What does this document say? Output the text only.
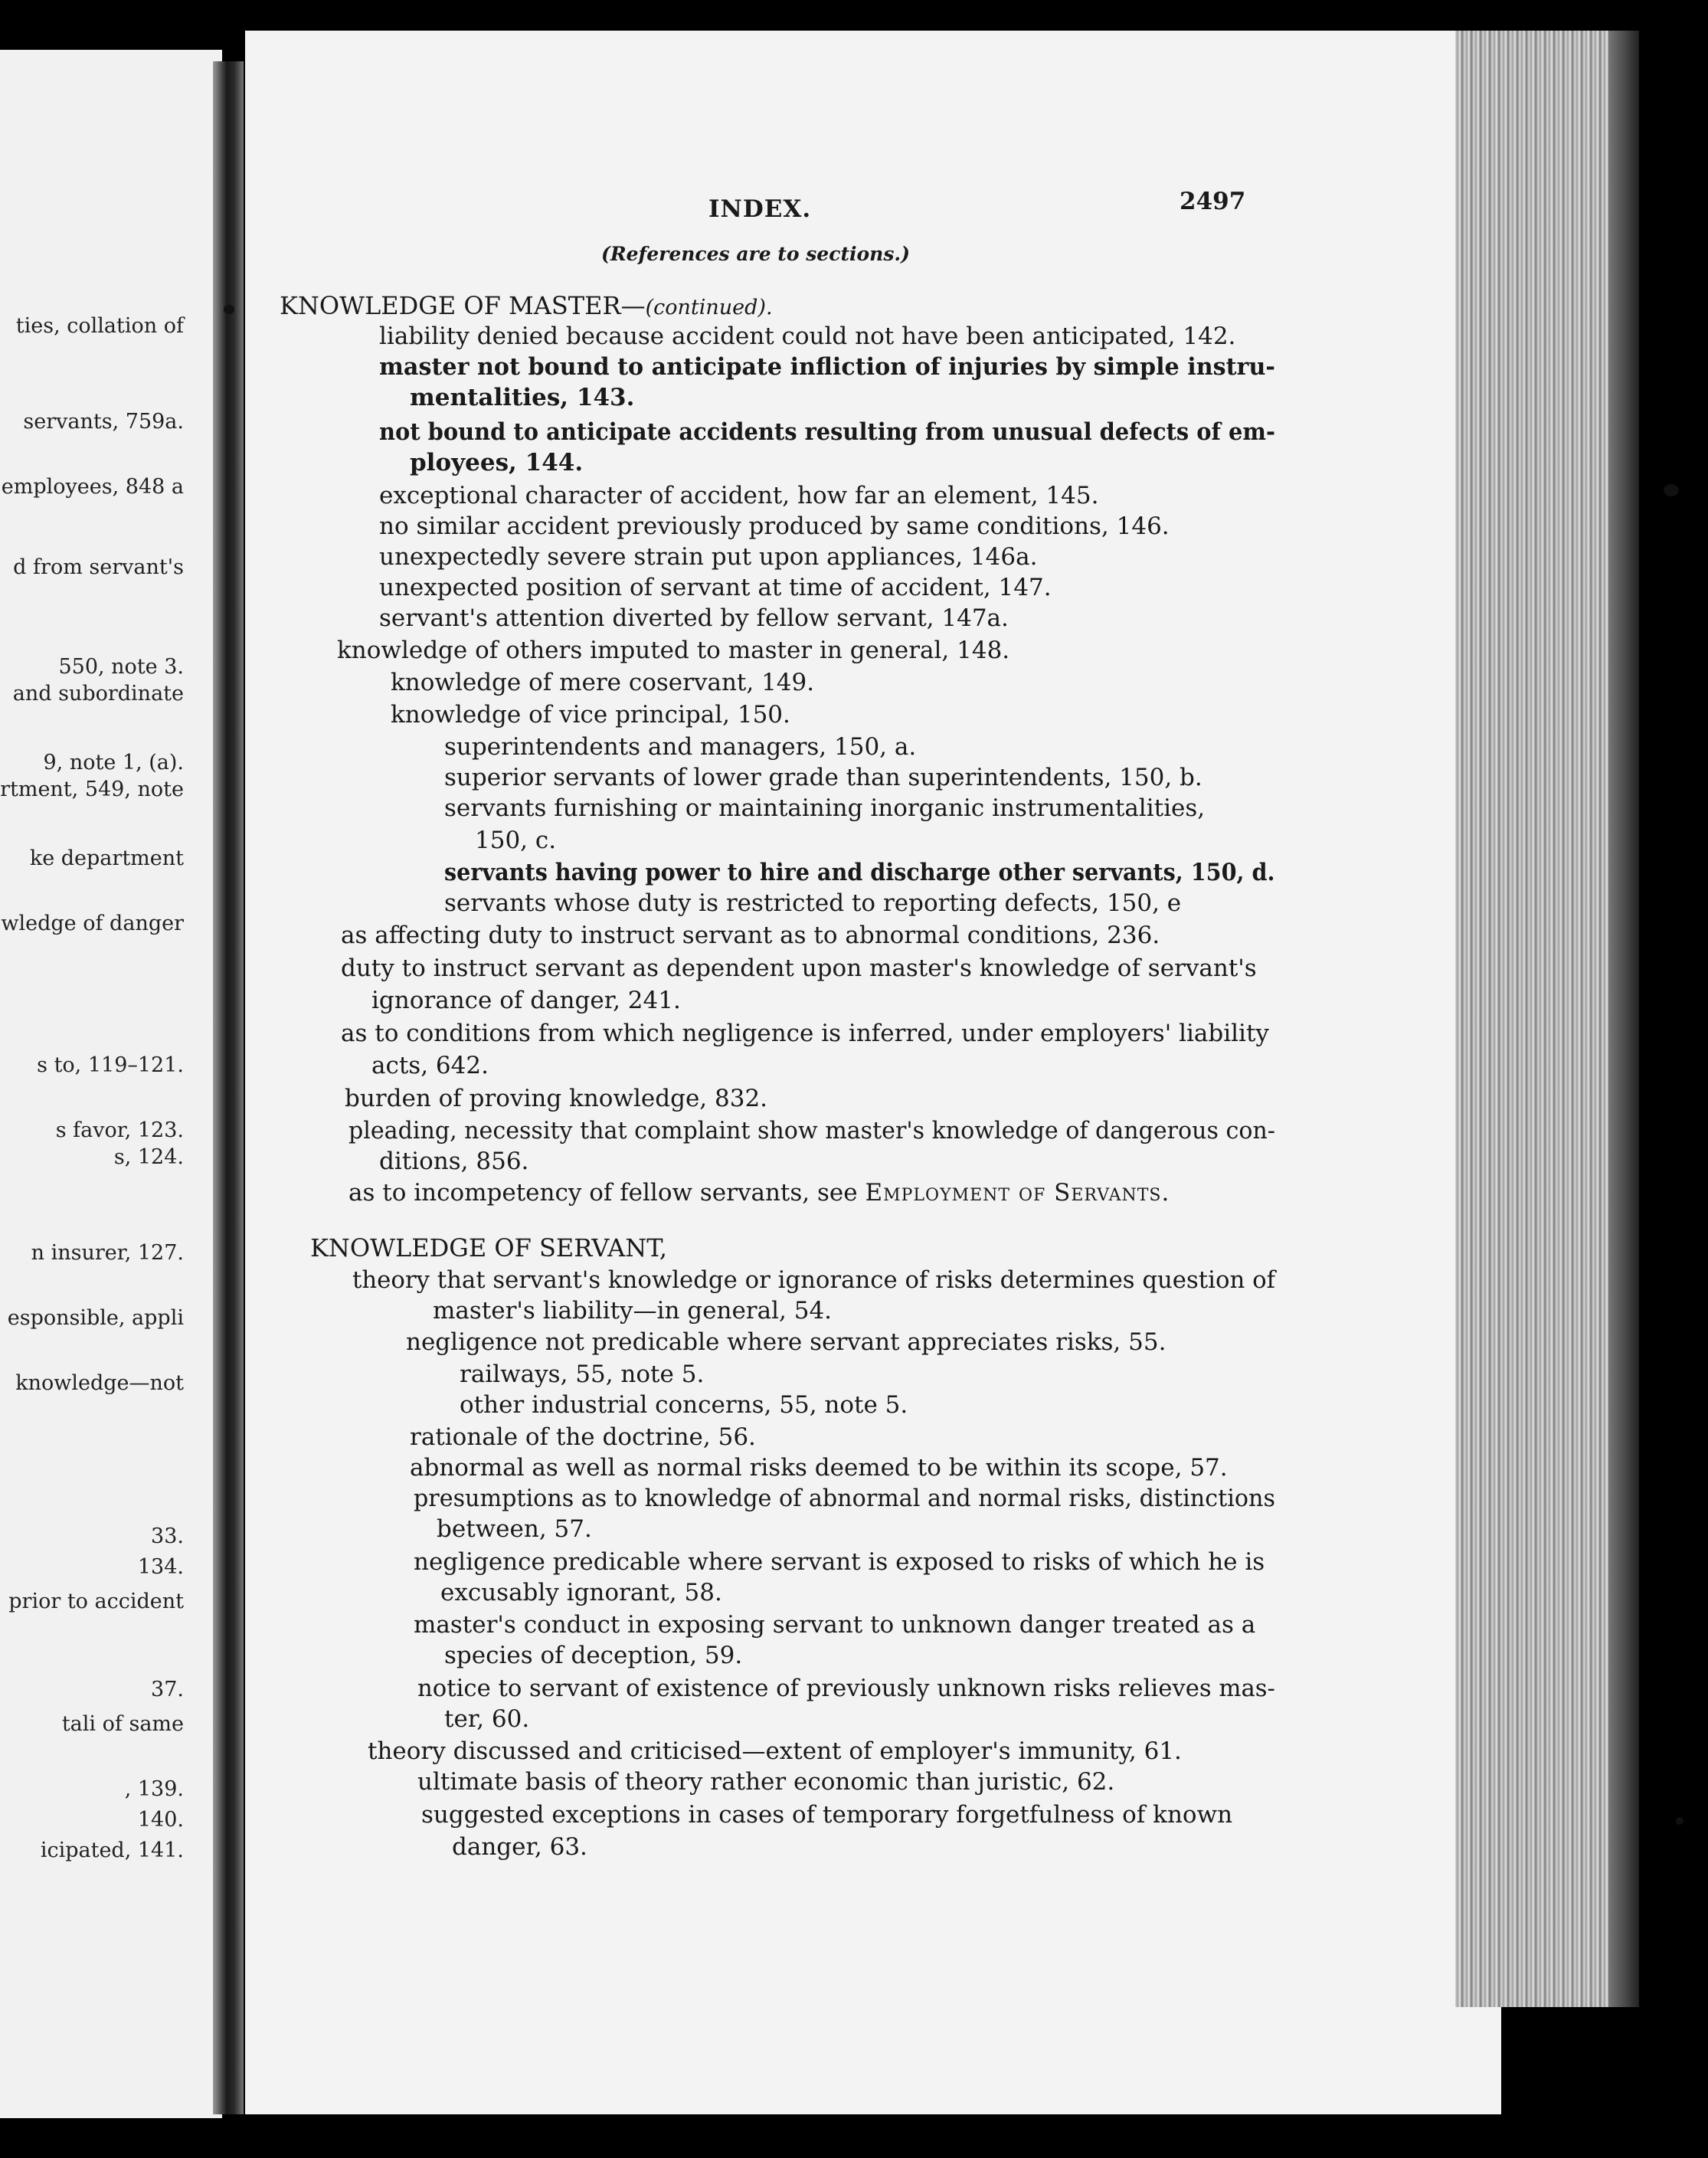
ties, collation of
servants, 759a.
employees, 848 a
d from servant's
550, note 3.
and subordinate
9, note 1, (a).
rtment, 549, note
ke department
wledge of danger
s to, 119–121.
s favor, 123.
s, 124.
n insurer, 127.
esponsible, appli
knowledge—not
33.
134.
prior to accident
37.
tali of same
, 139.
140.
icipated, 141.
INDEX.	2497
(References are to sections.)
KNOWLEDGE OF MASTER—(continued).
liability denied because accident could not have been anticipated, 142.
master not bound to anticipate infliction of injuries by simple instru-
mentalities, 143.
not bound to anticipate accidents resulting from unusual defects of em-
ployees, 144.
exceptional character of accident, how far an element, 145.
no similar accident previously produced by same conditions, 146.
unexpectedly severe strain put upon appliances, 146a.
unexpected position of servant at time of accident, 147.
servant's attention diverted by fellow servant, 147a.
knowledge of others imputed to master in general, 148.
knowledge of mere coservant, 149.
knowledge of vice principal, 150.
superintendents and managers, 150, a.
superior servants of lower grade than superintendents, 150, b.
servants furnishing or maintaining inorganic instrumentalities,
150, c.
servants having power to hire and discharge other servants, 150, d.
servants whose duty is restricted to reporting defects, 150, e
as affecting duty to instruct servant as to abnormal conditions, 236.
duty to instruct servant as dependent upon master's knowledge of servant's
ignorance of danger, 241.
as to conditions from which negligence is inferred, under employers' liability
acts, 642.
burden of proving knowledge, 832.
pleading, necessity that complaint show master's knowledge of dangerous con-
ditions, 856.
as to incompetency of fellow servants, see Employment of Servants.
KNOWLEDGE OF SERVANT,
theory that servant's knowledge or ignorance of risks determines question of
master's liability—in general, 54.
negligence not predicable where servant appreciates risks, 55.
railways, 55, note 5.
other industrial concerns, 55, note 5.
rationale of the doctrine, 56.
abnormal as well as normal risks deemed to be within its scope, 57.
presumptions as to knowledge of abnormal and normal risks, distinctions
between, 57.
negligence predicable where servant is exposed to risks of which he is
excusably ignorant, 58.
master's conduct in exposing servant to unknown danger treated as a
species of deception, 59.
notice to servant of existence of previously unknown risks relieves mas-
ter, 60.
theory discussed and criticised—extent of employer's immunity, 61.
ultimate basis of theory rather economic than juristic, 62.
suggested exceptions in cases of temporary forgetfulness of known
danger, 63.
